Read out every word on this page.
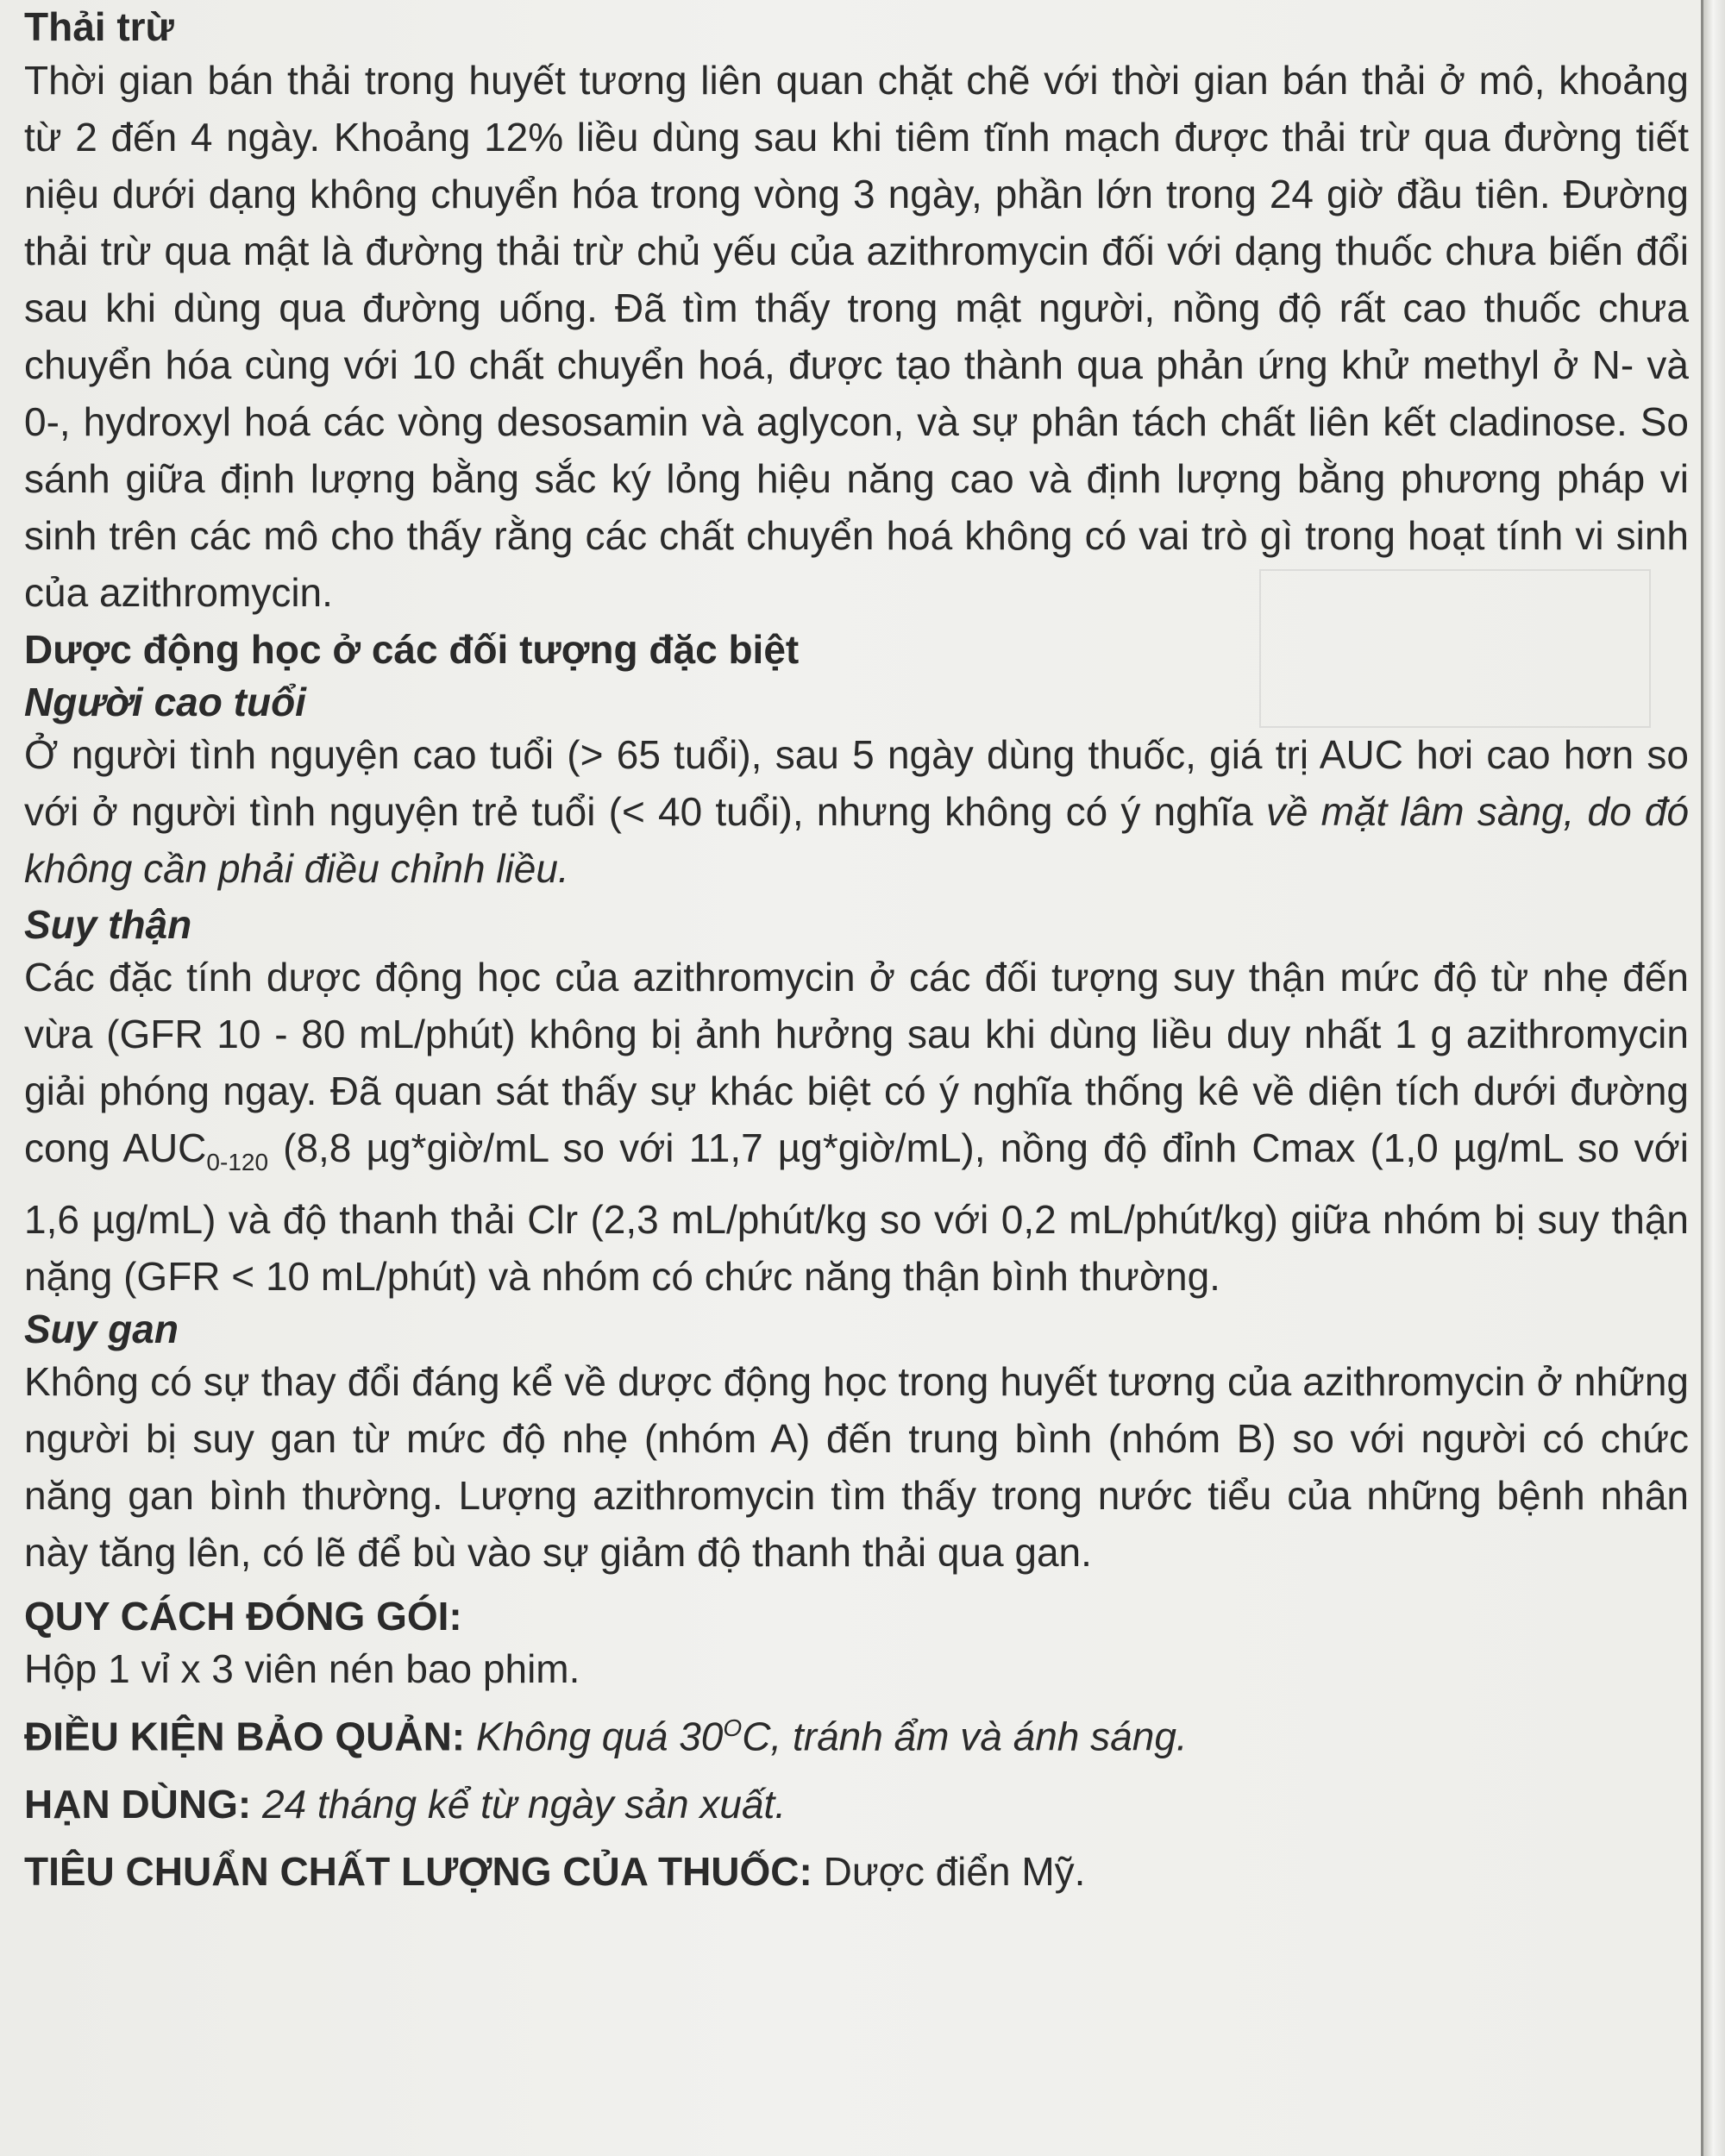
Thải trừ

Thời gian bán thải trong huyết tương liên quan chặt chẽ với thời gian bán thải ở mô, khoảng từ 2 đến 4 ngày. Khoảng 12% liều dùng sau khi tiêm tĩnh mạch được thải trừ qua đường tiết niệu dưới dạng không chuyển hóa trong vòng 3 ngày, phần lớn trong 24 giờ đầu tiên. Đường thải trừ qua mật là đường thải trừ chủ yếu của azithromycin đối với dạng thuốc chưa biến đổi sau khi dùng qua đường uống. Đã tìm thấy trong mật người, nồng độ rất cao thuốc chưa chuyển hóa cùng với 10 chất chuyển hoá, được tạo thành qua phản ứng khử methyl ở N- và 0-, hydroxyl hoá các vòng desosamin và aglycon, và sự phân tách chất liên kết cladinose. So sánh giữa định lượng bằng sắc ký lỏng hiệu năng cao và định lượng bằng phương pháp vi sinh trên các mô cho thấy rằng các chất chuyển hoá không có vai trò gì trong hoạt tính vi sinh của azithromycin.

Dược động học ở các đối tượng đặc biệt
Người cao tuổi

Ở người tình nguyện cao tuổi (> 65 tuổi), sau 5 ngày dùng thuốc, giá trị AUC hơi cao hơn so với ở người tình nguyện trẻ tuổi (< 40 tuổi), nhưng không có ý nghĩa về mặt lâm sàng, do đó không cần phải điều chỉnh liều.

Suy thận

Các đặc tính dược động học của azithromycin ở các đối tượng suy thận mức độ từ nhẹ đến vừa (GFR 10 - 80 mL/phút) không bị ảnh hưởng sau khi dùng liều duy nhất 1 g azithromycin giải phóng ngay. Đã quan sát thấy sự khác biệt có ý nghĩa thống kê về diện tích dưới đường cong $AUC_{0-120}$ (8,8 µg*giờ/mL so với 11,7 µg*giờ/mL), nồng độ đỉnh Cmax (1,0 µg/mL so với 1,6 µg/mL) và độ thanh thải Clr (2,3 mL/phút/kg so với 0,2 mL/phút/kg) giữa nhóm bị suy thận nặng (GFR < 10 mL/phút) và nhóm có chức năng thận bình thường.

Suy gan

Không có sự thay đổi đáng kể về dược động học trong huyết tương của azithromycin ở những người bị suy gan từ mức độ nhẹ (nhóm A) đến trung bình (nhóm B) so với người có chức năng gan bình thường. Lượng azithromycin tìm thấy trong nước tiểu của những bệnh nhân này tăng lên, có lẽ để bù vào sự giảm độ thanh thải qua gan.

QUY CÁCH ĐÓNG GÓI:

Hộp 1 vỉ x 3 viên nén bao phim.

ĐIỀU KIỆN BẢO QUẢN: Không quá $30^OC$, tránh ẩm và ánh sáng.

HẠN DÙNG: 24 tháng kể từ ngày sản xuất.

TIÊU CHUẨN CHẤT LƯỢNG CỦA THUỐC: Dược điển Mỹ.
